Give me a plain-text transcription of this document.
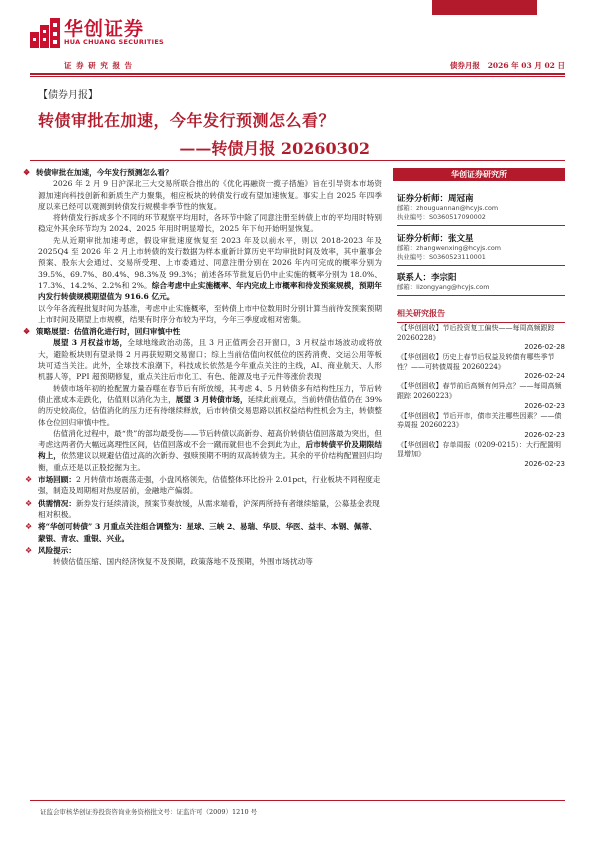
华创证券
HUA CHUANG SECURITIES
证 券 研 究 报 告	债券月报 2026 年 03 月 02 日
【债券月报】
转债审批在加速，今年发行预测怎么看？
——转债月报 20260302
❖ 转债审批在加速，今年发行预测怎么看？

2026 年 2 月 9 日沪深北三大交易所联合推出的《优化再融资一揽子措施》旨在引导资本市场资源加速向科技创新和新质生产力聚集，相应板块的转债发行或有望加速恢复。事实上自 2025 年四季度以来已经可以观测到转债发行规模非季节性的恢复。

将转债发行拆成多个不同的环节观察平均用时，各环节中除了同意注册至转债上市的平均用时特别稳定外其余环节均为 2024、2025 年用时明显增长，2025 年下旬开始明显恢复。

先从近期审批加速考虑，假设审批速度恢复至 2023 年及以前水平，则以 2018-2023 年及 2025Q4 至 2026 年 2 月上市转债的发行数据为样本重新计算历史平均审批时间及效率，其中董事会预案、股东大会通过、交易所受理、上市委通过、同意注册分别在 2026 年内可完成的概率分别为 39.5%、69.7%、80.4%、98.3%及 99.3%；前述各环节批复后仍中止实施的概率分别为 18.0%、17.3%、14.2%、2.2%和 2%。综合考虑中止实施概率、年内完成上市概率和待发预案规模，预期年内发行转债规模期望值为 916.6 亿元。

以今年各流程批复时间为基准，考虑中止实施概率，至转债上市中位数用时分别计算当前待发预案预期上市时间及期望上市规模，结果有时序分布较为平均，今年三季度或相对密集。

❖ 策略展望：估值消化进行时，回归审慎中性

展望 3 月权益市场，全球地缘政治动荡，且 3 月正值两会召开窗口，3 月权益市场波动或将放大，避险板块则有望录得 2 月再获短期交易窗口；综上当前估值向权低位的医药消费、交运公用等板块可适当关注。此外，全球技术浪潮下，科技成长依然是今年重点关注的主线，AI、商业航天、人形机器人等，PPI 超预期修复，重点关注后市化工、有色、能源及电子元件等涨价表现

转债市场年初的抢配置力量吞噬在春节后有所放缓，其考虑 4、5 月转债多有结构性压力，节后转债止涨成本走跌化，估值则以消化为主，展望 3 月转债市场，延续此前观点，当前转债估值仍在 39%的历史较高位，估值消化的压力还有待继续释放，后市转债交易思路以抓权益结构性机会为主，转债整体仓位回归审慎中性。

估值消化过程中，最“贵”的部均最受伤——节后转债以高新券、超高价转债估值回落最为突出，但考虑这两者仍大幅远离理性区间，估值回落或不会一蹴而就但也不会到此为止，后市转债平价及期限结构上，依然建议以规避估值过高的次新券、强赎预期不明的双高转债为主。其余的平价结构配置回归均衡，重点还是以正股挖掘为主。

❖ 市场回顾：2 月转债市场震荡走强，小盘风格领先，估值整体环比扮升 2.01pct，行业板块不同程度走强，制造及周期相对热度居前，金融地产偏弱。
❖ 供需情况：新券发行延续清淡，预案节奏放缓，从需求端看，沪深两所持有者继续缩量，公募基金表现相对积极。
❖ 将“华创可转债” 3 月重点关注组合调整为：星球、三峡 2、易瑞、华辰、华医、益丰、本钢、佩蒂、蒙银、青农、重银、兴业。
❖ 风险提示：

转债估值压缩、国内经济恢复不及预期，政策落地不及预期，外围市场扰动等

华创证券研究所
证券分析师：周冠南
邮箱：zhouguannan@hcyjs.com
执业编号：S0360517090002
证券分析师：张文星
邮箱：zhangwenxing@hcyjs.com
执业编号：S0360523110001
联系人：李宗阳
邮箱：lizongyang@hcyjs.com
相关研究报告
《【华创固收】节后投资复工偏快——每周高频跟踪 20260228》
2026-02-28
《【华创固收】历史上春节后权益及转债有哪些季节性？——可转债周报 20260224》
2026-02-24
《【华创固收】春节前后高频有何异点？——每周高频跟踪 20260223》
2026-02-23
《【华创固收】节后开市，债市关注哪些因素？——债券周报 20260223》
2026-02-23
《【华创固收】存单周报（0209-0215）：大行配置明显增加》
2026-02-23
证监会审核华创证券投资咨询业务资格批文号：证监许可（2009）1210 号
